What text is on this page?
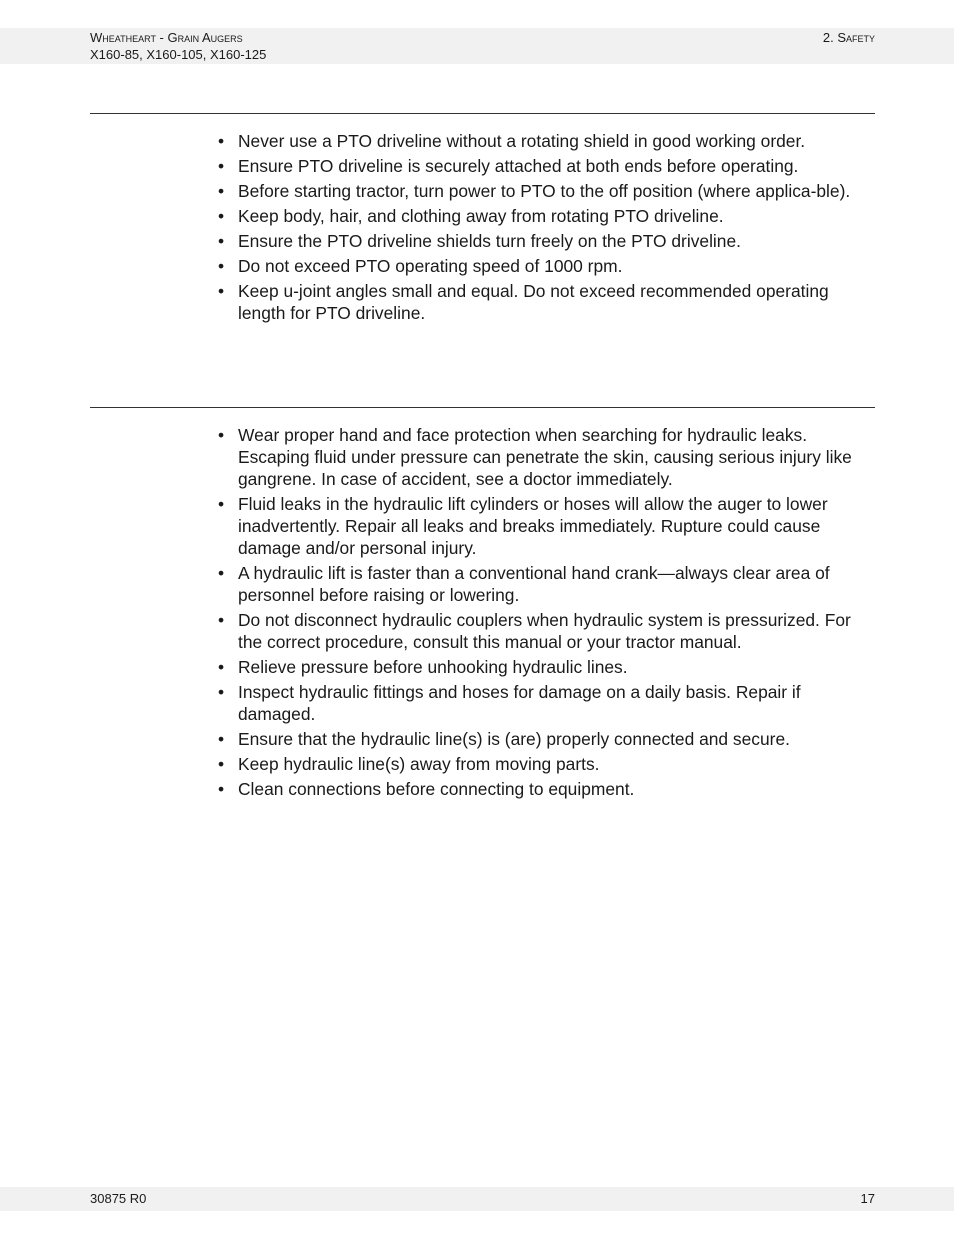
Wheatheart - Grain Augers
X160-85, X160-105, X160-125
2. Safety
• Never use a PTO driveline without a rotating shield in good working order.
• Ensure PTO driveline is securely attached at both ends before operating.
• Before starting tractor, turn power to PTO to the off position (where applica-ble).
• Keep body, hair, and clothing away from rotating PTO driveline.
• Ensure the PTO driveline shields turn freely on the PTO driveline.
• Do not exceed PTO operating speed of 1000 rpm.
• Keep u-joint angles small and equal. Do not exceed recommended operating length for PTO driveline.
• Wear proper hand and face protection when searching for hydraulic leaks. Escaping fluid under pressure can penetrate the skin, causing serious injury like gangrene. In case of accident, see a doctor immediately.
• Fluid leaks in the hydraulic lift cylinders or hoses will allow the auger to lower inadvertently. Repair all leaks and breaks immediately. Rupture could cause damage and/or personal injury.
• A hydraulic lift is faster than a conventional hand crank—always clear area of personnel before raising or lowering.
• Do not disconnect hydraulic couplers when hydraulic system is pressurized. For the correct procedure, consult this manual or your tractor manual.
• Relieve pressure before unhooking hydraulic lines.
• Inspect hydraulic fittings and hoses for damage on a daily basis. Repair if damaged.
• Ensure that the hydraulic line(s) is (are) properly connected and secure.
• Keep hydraulic line(s) away from moving parts.
• Clean connections before connecting to equipment.
30875 R0	17
